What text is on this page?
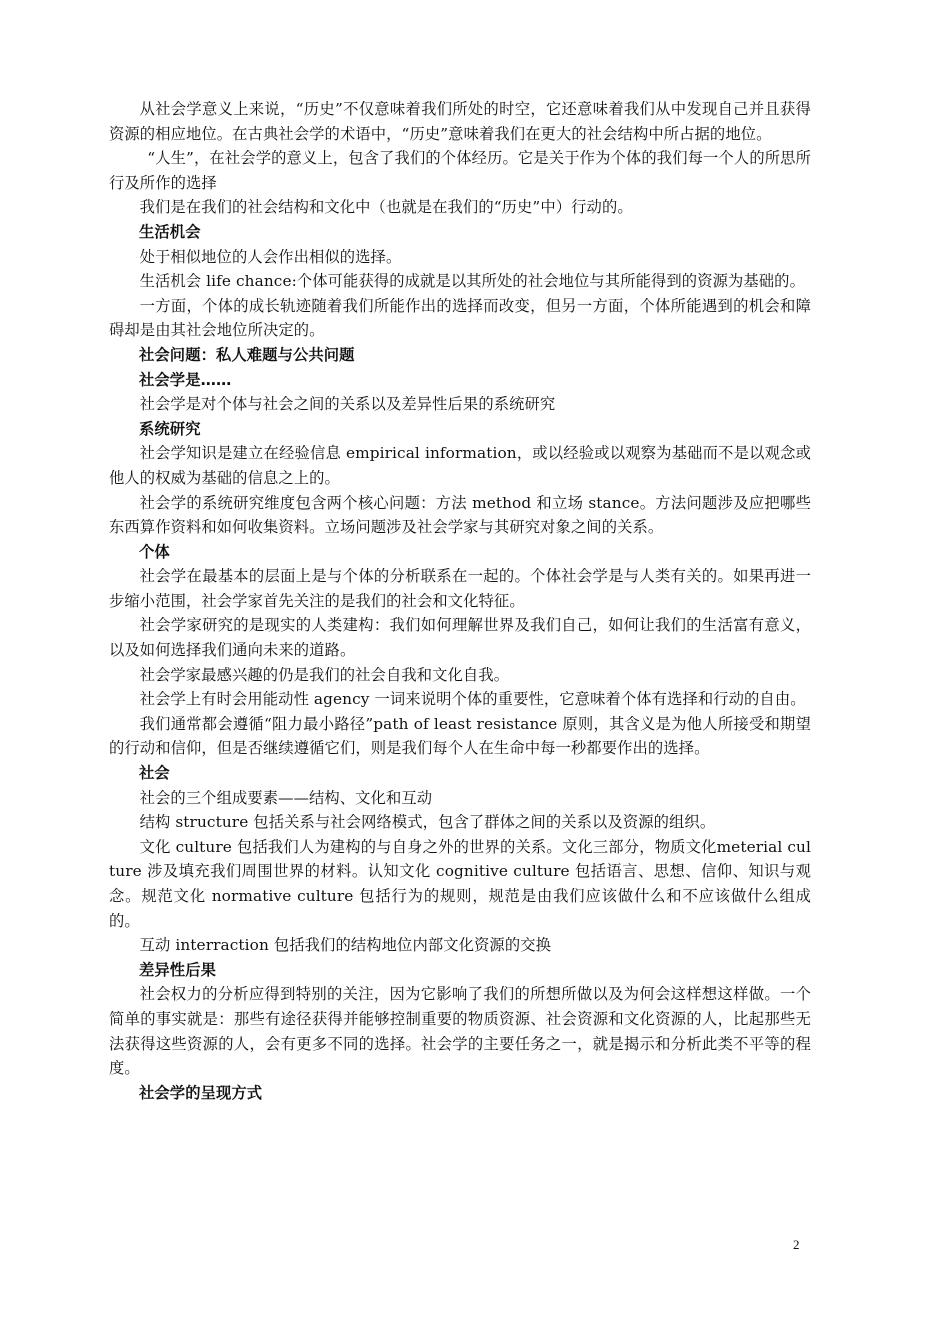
从社会学意义上来说，“历史”不仅意味着我们所处的时空，它还意味着我们从中发现自己并且获得资源的相应地位。在古典社会学的术语中，“历史”意味着我们在更大的社会结构中所占据的地位。

“人生”，在社会学的意义上，包含了我们的个体经历。它是关于作为个体的我们每一个人的所思所行及所作的选择

我们是在我们的社会结构和文化中（也就是在我们的“历史”中）行动的。

生活机会

处于相似地位的人会作出相似的选择。

生活机会 life chance:个体可能获得的成就是以其所处的社会地位与其所能得到的资源为基础的。

一方面，个体的成长轨迹随着我们所能作出的选择而改变，但另一方面，个体所能遇到的机会和障碍却是由其社会地位所决定的。

社会问题：私人难题与公共问题
社会学是……

社会学是对个体与社会之间的关系以及差异性后果的系统研究

系统研究

社会学知识是建立在经验信息 empirical information，或以经验或以观察为基础而不是以观念或他人的权威为基础的信息之上的。

社会学的系统研究维度包含两个核心问题：方法 method 和立场 stance。方法问题涉及应把哪些东西算作资料和如何收集资料。立场问题涉及社会学家与其研究对象之间的关系。

个体

社会学在最基本的层面上是与个体的分析联系在一起的。个体社会学是与人类有关的。如果再进一步缩小范围，社会学家首先关注的是我们的社会和文化特征。

社会学家研究的是现实的人类建构：我们如何理解世界及我们自己，如何让我们的生活富有意义，以及如何选择我们通向未来的道路。

社会学家最感兴趣的仍是我们的社会自我和文化自我。

社会学上有时会用能动性 agency 一词来说明个体的重要性，它意味着个体有选择和行动的自由。

我们通常都会遵循“阻力最小路径”path of least resistance 原则，其含义是为他人所接受和期望的行动和信仰，但是否继续遵循它们，则是我们每个人在生命中每一秒都要作出的选择。

社会

社会的三个组成要素——结构、文化和互动

结构 structure 包括关系与社会网络模式，包含了群体之间的关系以及资源的组织。

文化 culture 包括我们人为建构的与自身之外的世界的关系。文化三部分，物质文化meterial culture 涉及填充我们周围世界的材料。认知文化 cognitive culture 包括语言、思想、信仰、知识与观念。规范文化 normative culture 包括行为的规则，规范是由我们应该做什么和不应该做什么组成的。

互动 interraction 包括我们的结构地位内部文化资源的交换

差异性后果

社会权力的分析应得到特别的关注，因为它影响了我们的所想所做以及为何会这样想这样做。一个简单的事实就是：那些有途径获得并能够控制重要的物质资源、社会资源和文化资源的人，比起那些无法获得这些资源的人，会有更多不同的选择。社会学的主要任务之一，就是揭示和分析此类不平等的程度。

社会学的呈现方式
2
